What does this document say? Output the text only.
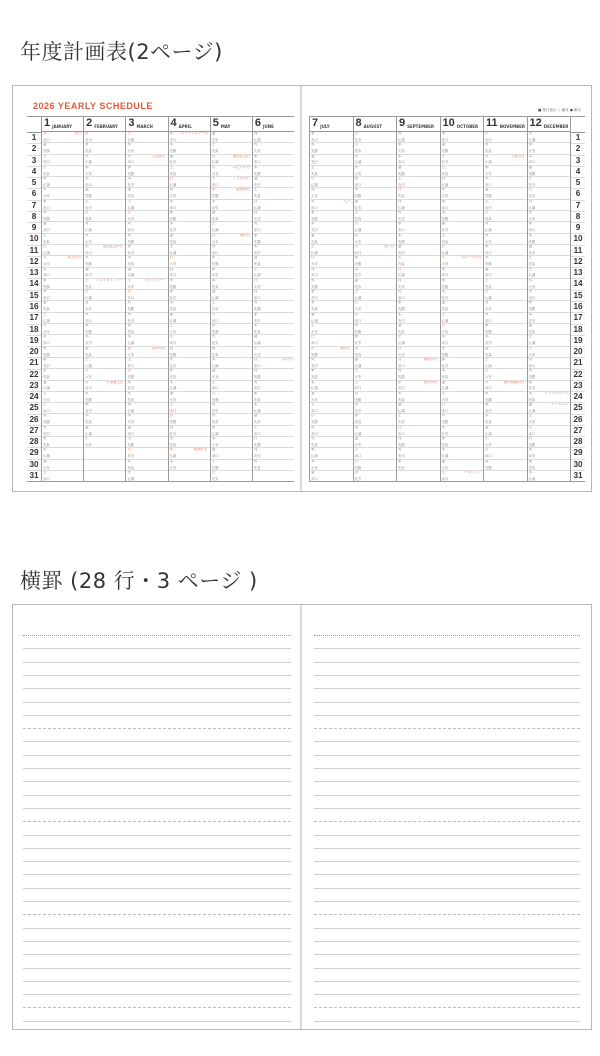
年度計画表(2ページ)
2026 YEARLY SCHEDULE
1
2
3
4
5
6
7
8
9
10
11
12
13
14
15
16
17
18
19
20
21
22
23
24
25
26
27
28
29
30
31
1 JANUARY
木
赤口
元日
金
先勝
土
友引
日
先負
月
仏滅
火
大安
水
赤口
木
先勝
金
友引
土
先負
日
仏滅
月
大安
成人の日
火
赤口
水
先勝
木
友引
金
先負
土
仏滅
日
大安
月
赤口
火
先勝
水
友引
木
先負
金
仏滅
土
大安
日
赤口
月
先勝
火
友引
水
先負
木
仏滅
金
大安
土
赤口
2 FEBRUARY
日
友引
月
先負
火
仏滅
水
大安
木
赤口
金
先勝
土
友引
日
先負
月
仏滅
火
大安
水
赤口
建国記念の日
木
先勝
金
友引
土
先負
バレンタインデー
日
仏滅
月
大安
火
赤口
水
先勝
木
友引
金
先負
土
仏滅
日
大安
月
赤口
天皇誕生日
火
先勝
水
友引
木
先負
金
仏滅
土
大安
3 MARCH
日
仏滅
月
大安
火
赤口
ひな祭り
水
先勝
木
友引
金
先負
土
仏滅
日
大安
月
赤口
火
先勝
水
友引
木
先負
金
仏滅
土
大安
ホワイトデー
日
赤口
月
先勝
火
友引
水
先負
木
仏滅
金
大安
春分の日
土
赤口
日
先勝
月
友引
火
先負
水
仏滅
木
大安
金
赤口
土
先勝
日
友引
月
先負
火
仏滅
4 APRIL
水
赤口
エイプリルフール
木
先勝
金
友引
土
先負
日
仏滅
月
大安
火
赤口
水
先勝
木
友引
金
先負
土
仏滅
日
大安
月
赤口
火
先勝
水
友引
木
先負
金
仏滅
土
大安
日
赤口
月
先勝
火
友引
水
先負
木
仏滅
金
大安
土
赤口
日
先勝
月
友引
火
先負
水
仏滅
昭和の日
木
大安
5 MAY
金
友引
土
先負
日
仏滅
憲法記念日
月
大安
みどりの日
火
赤口
こどもの日
水
先勝
振替休日
木
友引
金
先負
土
仏滅
日
大安
母の日
月
赤口
火
先勝
水
友引
木
先負
金
仏滅
土
大安
日
赤口
月
先勝
火
友引
水
先負
木
仏滅
金
大安
土
赤口
日
先勝
月
友引
火
先負
水
仏滅
木
大安
金
赤口
土
先勝
日
友引
6 JUNE
月
仏滅
火
大安
水
赤口
木
先勝
金
友引
土
先負
日
仏滅
月
大安
火
赤口
水
先勝
木
友引
金
先負
土
仏滅
日
大安
月
赤口
火
先勝
水
友引
木
先負
金
仏滅
土
大安
日
赤口
父の日
月
先勝
火
友引
水
先負
木
仏滅
金
大安
土
赤口
日
先勝
月
友引
火
先負
■ 祝日表示 ○ 満月 ● 新月
7 JULY
水
赤口
木
先勝
金
友引
土
先負
日
仏滅
月
大安
火
赤口
七夕
水
先勝
木
友引
金
先負
土
仏滅
日
大安
月
赤口
火
先勝
水
友引
木
先負
金
仏滅
土
大安
日
赤口
月
先勝
海の日
火
友引
水
先負
木
仏滅
金
大安
土
赤口
日
先勝
月
友引
火
先負
水
仏滅
木
大安
金
赤口
8 AUGUST
土
友引
日
先負
月
仏滅
火
大安
水
赤口
木
先勝
金
友引
土
先負
日
仏滅
月
大安
火
赤口
山の日
水
先勝
木
友引
金
先負
土
仏滅
日
大安
月
赤口
火
先勝
水
友引
木
先負
金
仏滅
土
大安
日
赤口
月
先勝
火
友引
水
先負
木
仏滅
金
大安
土
赤口
日
先勝
月
友引
9 SEPTEMBER
火
仏滅
水
大安
木
赤口
金
先勝
土
友引
日
先負
月
仏滅
火
大安
水
赤口
木
先勝
金
友引
土
先負
日
仏滅
月
大安
火
赤口
水
先勝
木
友引
金
先負
土
仏滅
日
大安
月
赤口
敬老の日
火
先勝
水
友引
秋分の日
木
先負
金
仏滅
土
大安
日
赤口
月
先勝
火
友引
水
先負
10 OCTOBER
木
赤口
金
先勝
土
友引
日
先負
月
仏滅
火
大安
水
赤口
木
先勝
金
友引
土
先負
日
仏滅
月
大安
スポーツの日
火
赤口
水
先勝
木
友引
金
先負
土
仏滅
日
大安
月
赤口
火
先勝
水
友引
木
先負
金
仏滅
土
大安
日
赤口
月
先勝
火
友引
水
先負
木
仏滅
金
大安
土
赤口
ハロウィン
11 NOVEMBER
日
友引
月
先負
火
仏滅
文化の日
水
大安
木
赤口
金
先勝
土
友引
日
先負
月
仏滅
火
大安
水
赤口
木
先勝
金
友引
土
先負
日
仏滅
月
大安
火
赤口
水
先勝
木
友引
金
先負
土
仏滅
日
大安
月
赤口
勤労感謝の日
火
先勝
水
友引
木
先負
金
仏滅
土
大安
日
赤口
月
先勝
12 DECEMBER
火
仏滅
水
大安
木
赤口
金
先勝
土
友引
日
先負
月
仏滅
火
大安
水
赤口
木
先勝
金
友引
土
先負
日
仏滅
月
大安
火
赤口
水
先勝
木
友引
金
先負
土
仏滅
日
大安
月
赤口
火
先勝
水
友引
木
先負
クリスマスイブ
金
仏滅
クリスマス
土
大安
日
赤口
月
先勝
火
友引
水
先負
木
仏滅
1
2
3
4
5
6
7
8
9
10
11
12
13
14
15
16
17
18
19
20
21
22
23
24
25
26
27
28
29
30
31
横罫 (28 行・3 ページ )
